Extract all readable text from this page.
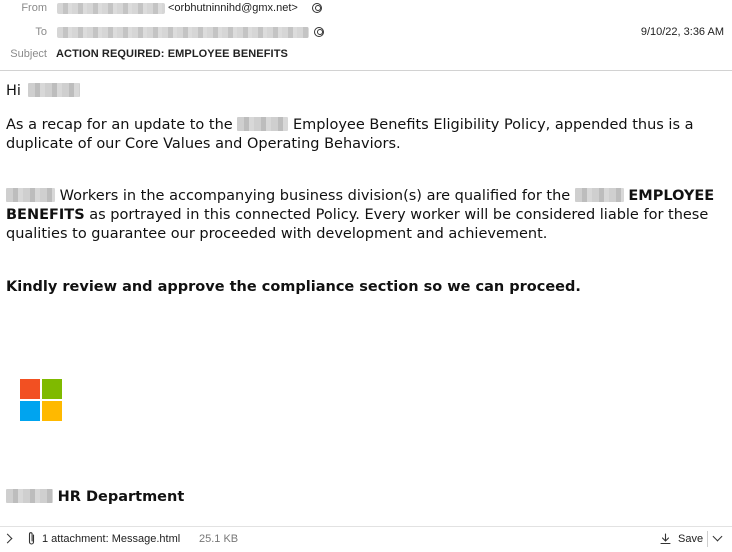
From	<orbhutninnihd@gmx.net>
To	9/10/22, 3:36 AM
Subject ACTION REQUIRED: EMPLOYEE BENEFITS
Hi
As a recap for an update to the	Employee Benefits Eligibility Policy, appended thus is a
duplicate of our Core Values and Operating Behaviors.
Workers in the accompanying business division(s) are qualified for the	EMPLOYEE
BENEFITS as portrayed in this connected Policy. Every worker will be considered liable for these
qualities to guarantee our proceeded with development and achievement.
Kindly review and approve the compliance section so we can proceed.
HR Department
1 attachment: Message.html 25.1 KB	Save
